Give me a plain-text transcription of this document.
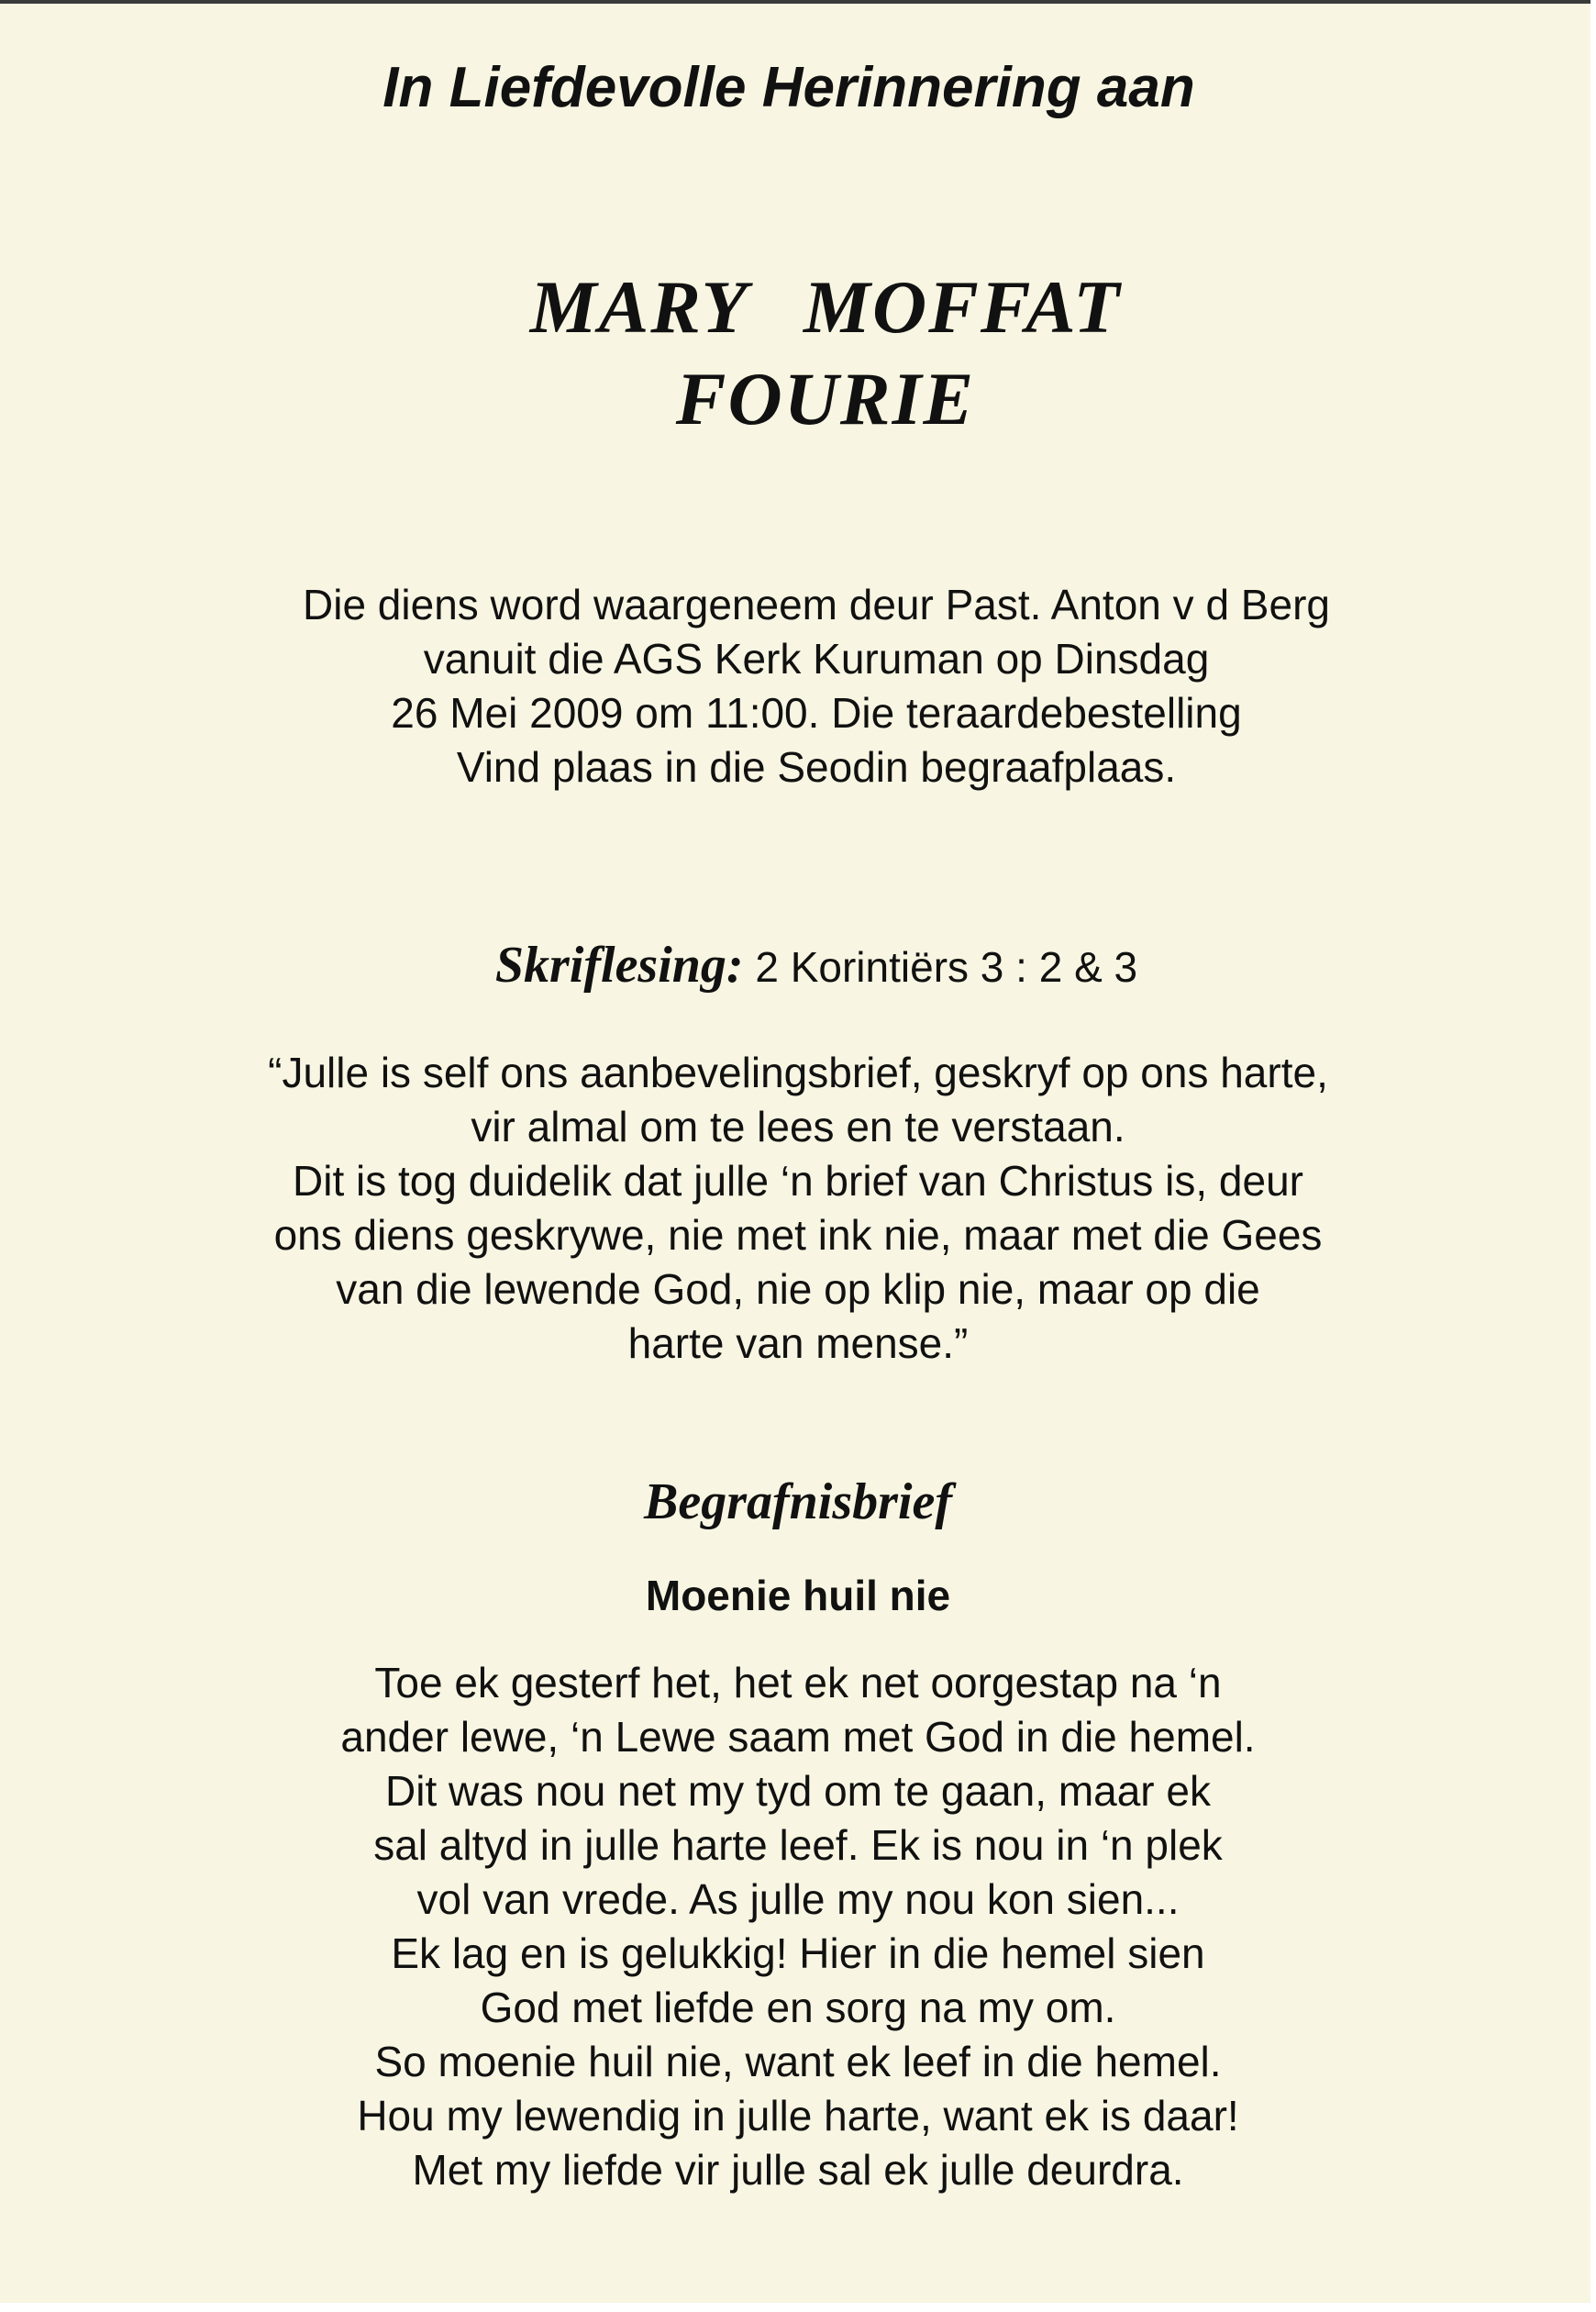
In Liefdevolle Herinnering aan
MARY MOFFAT
FOURIE
Die diens word waargeneem deur Past. Anton v d Berg
vanuit die AGS Kerk Kuruman op Dinsdag
26 Mei 2009 om 11:00. Die teraardebestelling
Vind plaas in die Seodin begraafplaas.
Skriflesing: 2 Korintiërs 3 : 2 & 3
“Julle is self ons aanbevelingsbrief, geskryf op ons harte,
vir almal om te lees en te verstaan.
Dit is tog duidelik dat julle ‘n brief van Christus is, deur
ons diens geskrywe, nie met ink nie, maar met die Gees
van die lewende God, nie op klip nie, maar op die
harte van mense.”
Begrafnisbrief
Moenie huil nie
Toe ek gesterf het, het ek net oorgestap na ‘n
ander lewe, ‘n Lewe saam met God in die hemel.
Dit was nou net my tyd om te gaan, maar ek
sal altyd in julle harte leef. Ek is nou in ‘n plek
vol van vrede. As julle my nou kon sien...
Ek lag en is gelukkig! Hier in die hemel sien
God met liefde en sorg na my om.
So moenie huil nie, want ek leef in die hemel.
Hou my lewendig in julle harte, want ek is daar!
Met my liefde vir julle sal ek julle deurdra.
